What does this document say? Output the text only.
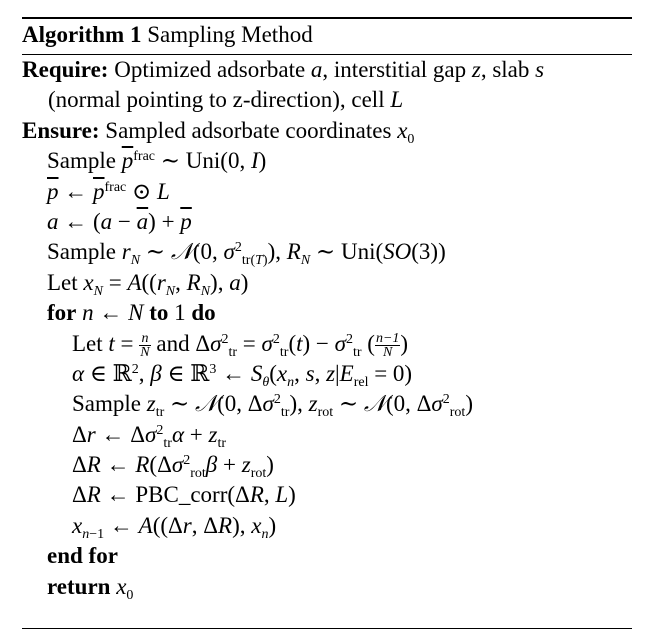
Algorithm 1 Sampling Method
Require: Optimized adsorbate a, interstitial gap z, slab s
(normal pointing to z-direction), cell L
Ensure: Sampled adsorbate coordinates $x_0$
Sample $\overline{p}^{frac}$ ∼ Uni(0, I)
$\overline{p}$ ← $\overline{p}^{frac}$ ⊙ L
a ← $(a - \overline{a}) + \overline{p}$
Sample $r_N$ ∼ 𝒩(0, $\sigma^2_{tr(T)}$), $R_N$ ∼ Uni(SO(3))
Let $x_N = A((r_N$, $R_N$), a)
for n ← N to 1 do
Let $t = \frac{n}{N}$ and $\Delta\sigma^2_{tr} = \sigma^2_{tr}(t) - \sigma^2_{tr}$ ( $\frac{n-1}{N}$ )
α ∈ ℝ$^2$, β ∈ ℝ$^3$ ← $S_\theta(x_n$, s, $z|E_{rel} = 0$)
Sample $z_{tr}$ ∼ 𝒩(0, $\Delta\sigma^2_{tr}$), $z_{rot}$ ∼ 𝒩(0, $\Delta\sigma^2_{rot}$)
Δr ← $\Delta\sigma^2_{tr}\alpha + z_{tr}$
ΔR ← $R(\Delta\sigma^2_{rot}\beta + z_{rot})$
ΔR ← PBC_corr(ΔR, L)
$x_{n-1}$ ← A((Δr, ΔR), $x_n$)
end for
return $x_0$
